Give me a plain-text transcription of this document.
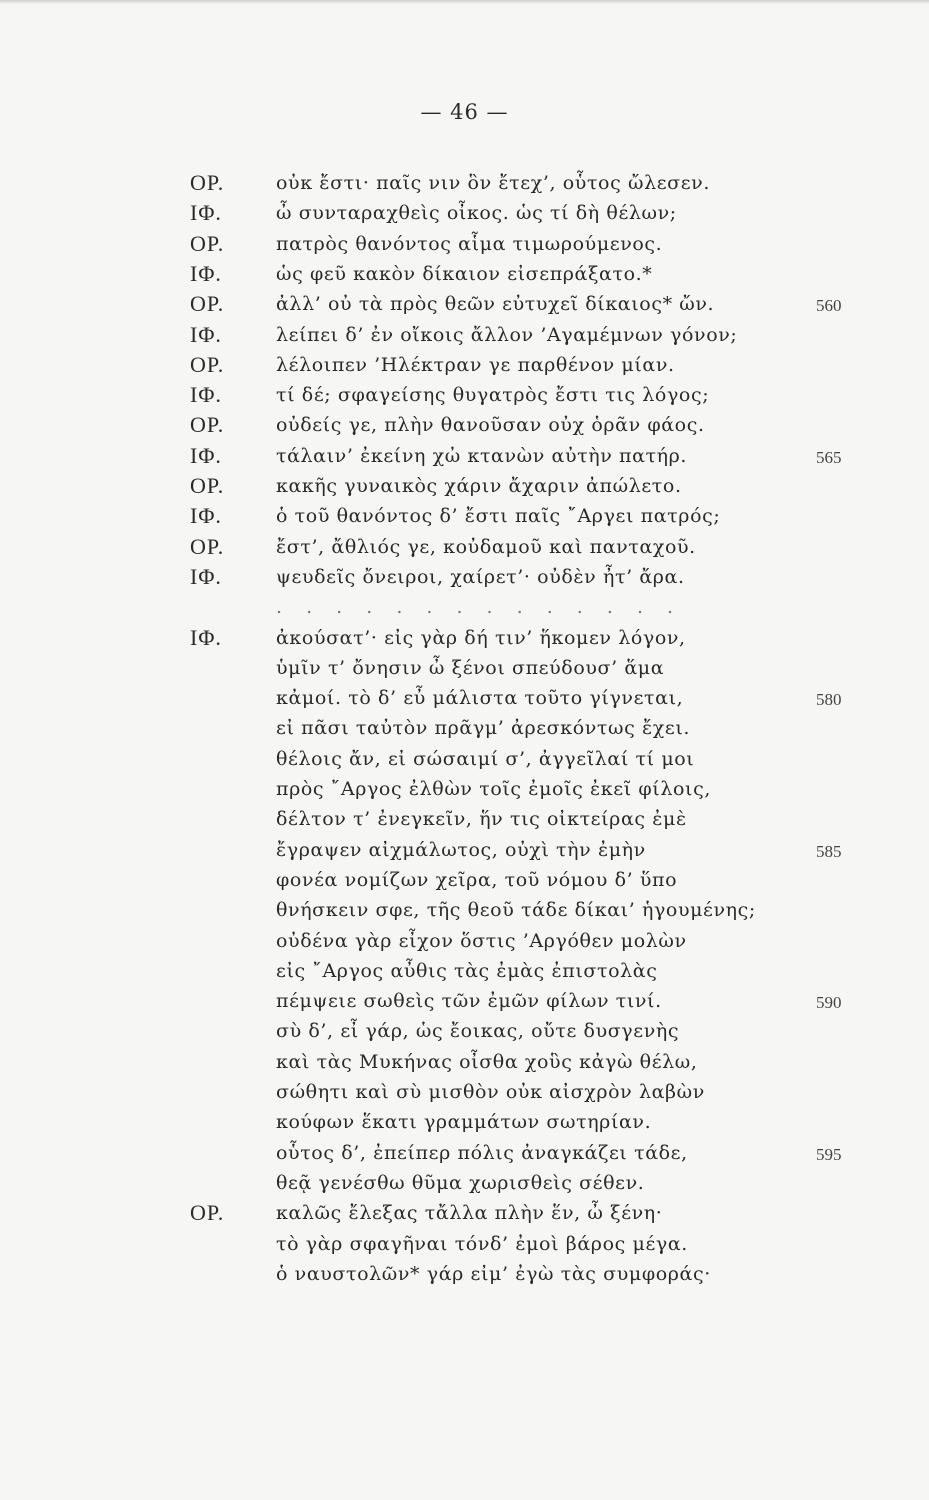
— 46 —
ΟΡ.	οὐκ ἔστι· παῖς νιν ὃν ἔτεχ’, οὗτος ὤλεσεν.
ΙΦ.	ὦ συνταραχθεὶς οἶκος. ὡς τί δὴ θέλων;
ΟΡ.	πατρὸς θανόντος αἷμα τιμωρούμενος.
ΙΦ.	ὡς φεῦ κακὸν δίκαιον εἰσεπράξατο.*
ΟΡ.	ἀλλ’ οὐ τὰ πρὸς θεῶν εὐτυχεῖ δίκαιος* ὤν.	560
ΙΦ.	λείπει δ’ ἐν οἴκοις ἄλλον ’Αγαμέμνων γόνον;
ΟΡ.	λέλοιπεν ’Ηλέκτραν γε παρθένον μίαν.
ΙΦ.	τί δέ; σφαγείσης θυγατρὸς ἔστι τις λόγος;
ΟΡ.	οὐδείς γε, πλὴν θανοῦσαν οὐχ ὁρᾶν φάος.
ΙΦ.	τάλαιν’ ἐκείνη χὠ κτανὼν αὐτὴν πατήρ.	565
ΟΡ.	κακῆς γυναικὸς χάριν ἄχαριν ἀπώλετο.
ΙΦ.	ὁ τοῦ θανόντος δ’ ἔστι παῖς ῎Αργει πατρός;
ΟΡ.	ἔστ’, ἄθλιός γε, κοὐδαμοῦ καὶ πανταχοῦ.
ΙΦ.	ψευδεῖς ὄνειροι, χαίρετ’· οὐδὲν ἦτ’ ἄρα.
. . . . . . . . . . . . . .
ΙΦ.	ἀκούσατ’· εἰς γὰρ δή τιν’ ἥκομεν λόγον,
ὑμῖν τ’ ὄνησιν ὦ ξένοι σπεύδουσ’ ἅμα
κἀμοί. τὸ δ’ εὖ μάλιστα τοῦτο γίγνεται,	580
εἰ πᾶσι ταὐτὸν πρᾶγμ’ ἀρεσκόντως ἔχει.
θέλοις ἄν, εἰ σώσαιμί σ’, ἀγγεῖλαί τί μοι
πρὸς ῎Αργος ἐλθὼν τοῖς ἐμοῖς ἐκεῖ φίλοις,
δέλτον τ’ ἐνεγκεῖν, ἥν τις οἰκτείρας ἐμὲ
ἔγραψεν αἰχμάλωτος, οὐχὶ τὴν ἐμὴν	585
φονέα νομίζων χεῖρα, τοῦ νόμου δ’ ὕπο
θνήσκειν σφε, τῆς θεοῦ τάδε δίκαι’ ἡγουμένης;
οὐδένα γὰρ εἶχον ὅστις ’Αργόθεν μολὼν
εἰς ῎Αργος αὖθις τὰς ἐμὰς ἐπιστολὰς
πέμψειε σωθεὶς τῶν ἐμῶν φίλων τινί.	590
σὺ δ’, εἶ γάρ, ὡς ἔοικας, οὔτε δυσγενὴς
καὶ τὰς Μυκήνας οἶσθα χοὓς κἀγὼ θέλω,
σώθητι καὶ σὺ μισθὸν οὐκ αἰσχρὸν λαβὼν
κούφων ἕκατι γραμμάτων σωτηρίαν.
οὗτος δ’, ἐπείπερ πόλις ἀναγκάζει τάδε,	595
θεᾷ γενέσθω θῦμα χωρισθεὶς σέθεν.
ΟΡ.	καλῶς ἔλεξας τἄλλα πλὴν ἕν, ὦ ξένη·
τὸ γὰρ σφαγῆναι τόνδ’ ἐμοὶ βάρος μέγα.
ὁ ναυστολῶν* γάρ εἰμ’ ἐγὼ τὰς συμφοράς·
